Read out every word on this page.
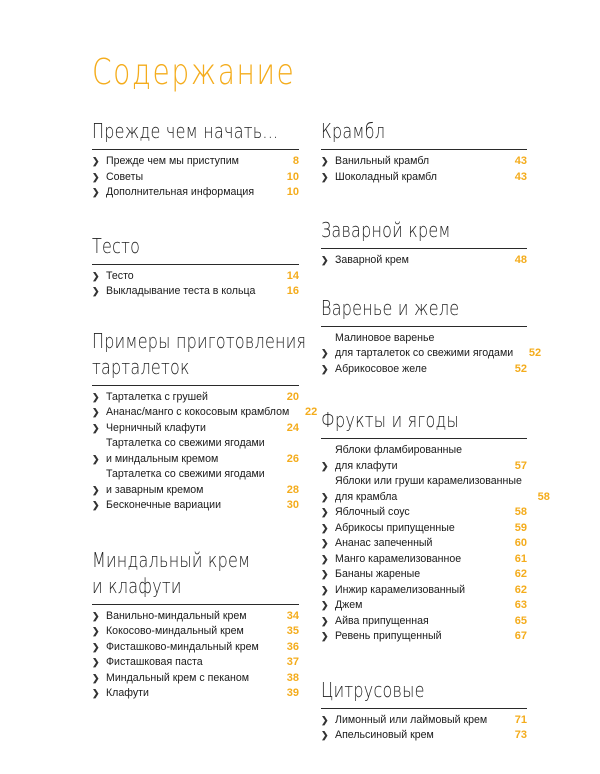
Содержание
Прежде чем начать...
❯ Прежде чем мы приступим	8
❯ Советы	10
❯ Дополнительная информация	10
Тесто
❯ Тесто	14
❯ Выкладывание теста в кольца	16
Примеры приготовления
тарталеток
❯ Тарталетка с грушей	20
❯ Ананас/манго с кокосовым крамблом	22
❯ Черничный клафути	24
❯
Тарталетка со свежими ягодами
и миндальным кремом	26
❯
Тарталетка со свежими ягодами
и заварным кремом	28
❯ Бесконечные вариации	30
Миндальный крем
и клафути
❯ Ванильно-миндальный крем	34
❯ Кокосово-миндальный крем	35
❯ Фисташково-миндальный крем	36
❯ Фисташковая паста	37
❯ Миндальный крем с пеканом	38
❯ Клафути	39
Крамбл
❯ Ванильный крамбл	43
❯ Шоколадный крамбл	43
Заварной крем
❯ Заварной крем	48
Варенье и желе
❯
Малиновое варенье
для тарталеток со свежими ягодами	52
❯ Абрикосовое желе	52
Фрукты и ягоды
❯
Яблоки фламбированные
для клафути	57
❯
Яблоки или груши карамелизованные
для крамбла	58
❯ Яблочный соус	58
❯ Абрикосы припущенные	59
❯ Ананас запеченный	60
❯ Манго карамелизованное	61
❯ Бананы жареные	62
❯ Инжир карамелизованный	62
❯ Джем	63
❯ Айва припущенная	65
❯ Ревень припущенный	67
Цитрусовые
❯ Лимонный или лаймовый крем	71
❯ Апельсиновый крем	73
